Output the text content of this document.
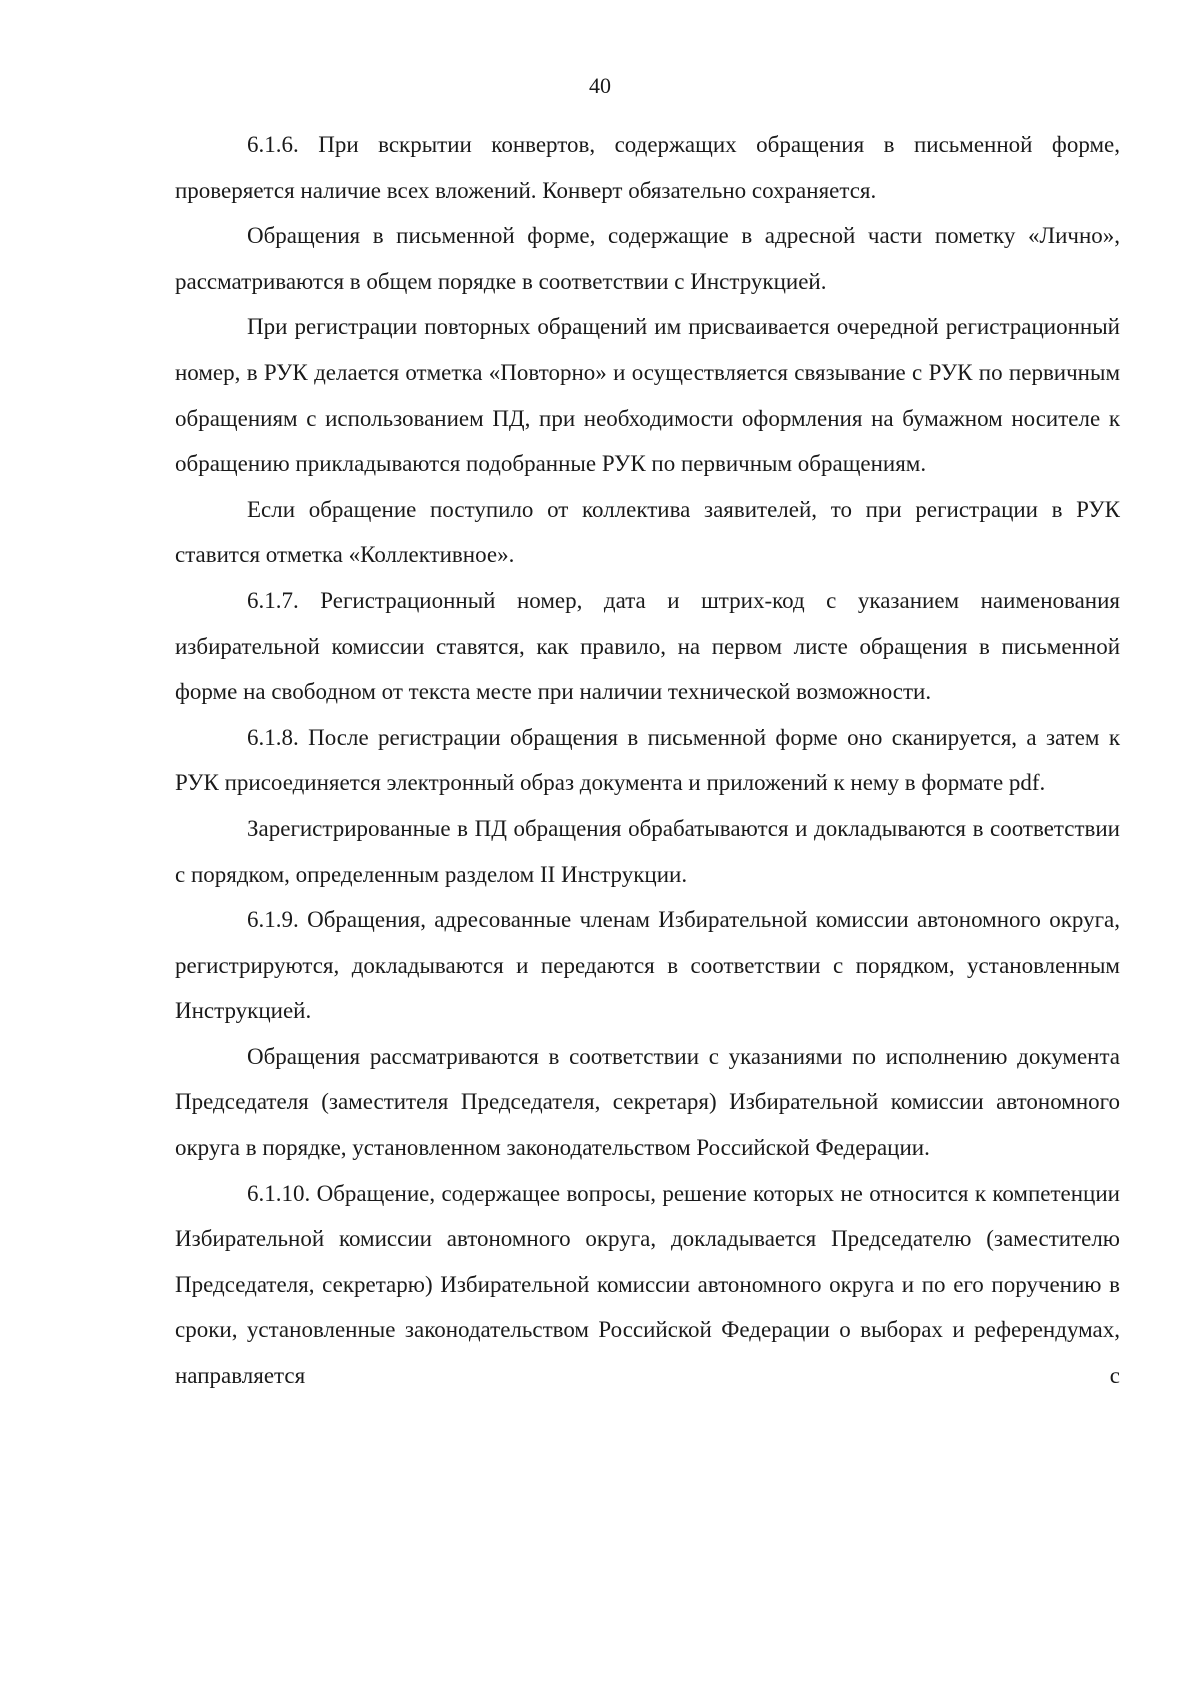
40

6.1.6. При вскрытии конвертов, содержащих обращения в письменной форме, проверяется наличие всех вложений. Конверт обязательно сохраняется.

Обращения в письменной форме, содержащие в адресной части пометку «Лично», рассматриваются в общем порядке в соответствии с Инструкцией.

При регистрации повторных обращений им присваивается очередной регистрационный номер, в РУК делается отметка «Повторно» и осуществляется связывание с РУК по первичным обращениям с использованием ПД, при необходимости оформления на бумажном носителе к обращению прикладываются подобранные РУК по первичным обращениям.

Если обращение поступило от коллектива заявителей, то при регистрации в РУК ставится отметка «Коллективное».

6.1.7. Регистрационный номер, дата и штрих-код с указанием наименования избирательной комиссии ставятся, как правило, на первом листе обращения в письменной форме на свободном от текста месте при наличии технической возможности.

6.1.8. После регистрации обращения в письменной форме оно сканируется, а затем к РУК присоединяется электронный образ документа и приложений к нему в формате pdf.

Зарегистрированные в ПД обращения обрабатываются и докладываются в соответствии с порядком, определенным разделом II Инструкции.

6.1.9. Обращения, адресованные членам Избирательной комиссии автономного округа, регистрируются, докладываются и передаются в соответствии с порядком, установленным Инструкцией.

Обращения рассматриваются в соответствии с указаниями по исполнению документа Председателя (заместителя Председателя, секретаря) Избирательной комиссии автономного округа в порядке, установленном законодательством Российской Федерации.

6.1.10. Обращение, содержащее вопросы, решение которых не относится к компетенции Избирательной комиссии автономного округа, докладывается Председателю (заместителю Председателя, секретарю) Избирательной комиссии автономного округа и по его поручению в сроки, установленные законодательством Российской Федерации о выборах и референдумах, направляется с
